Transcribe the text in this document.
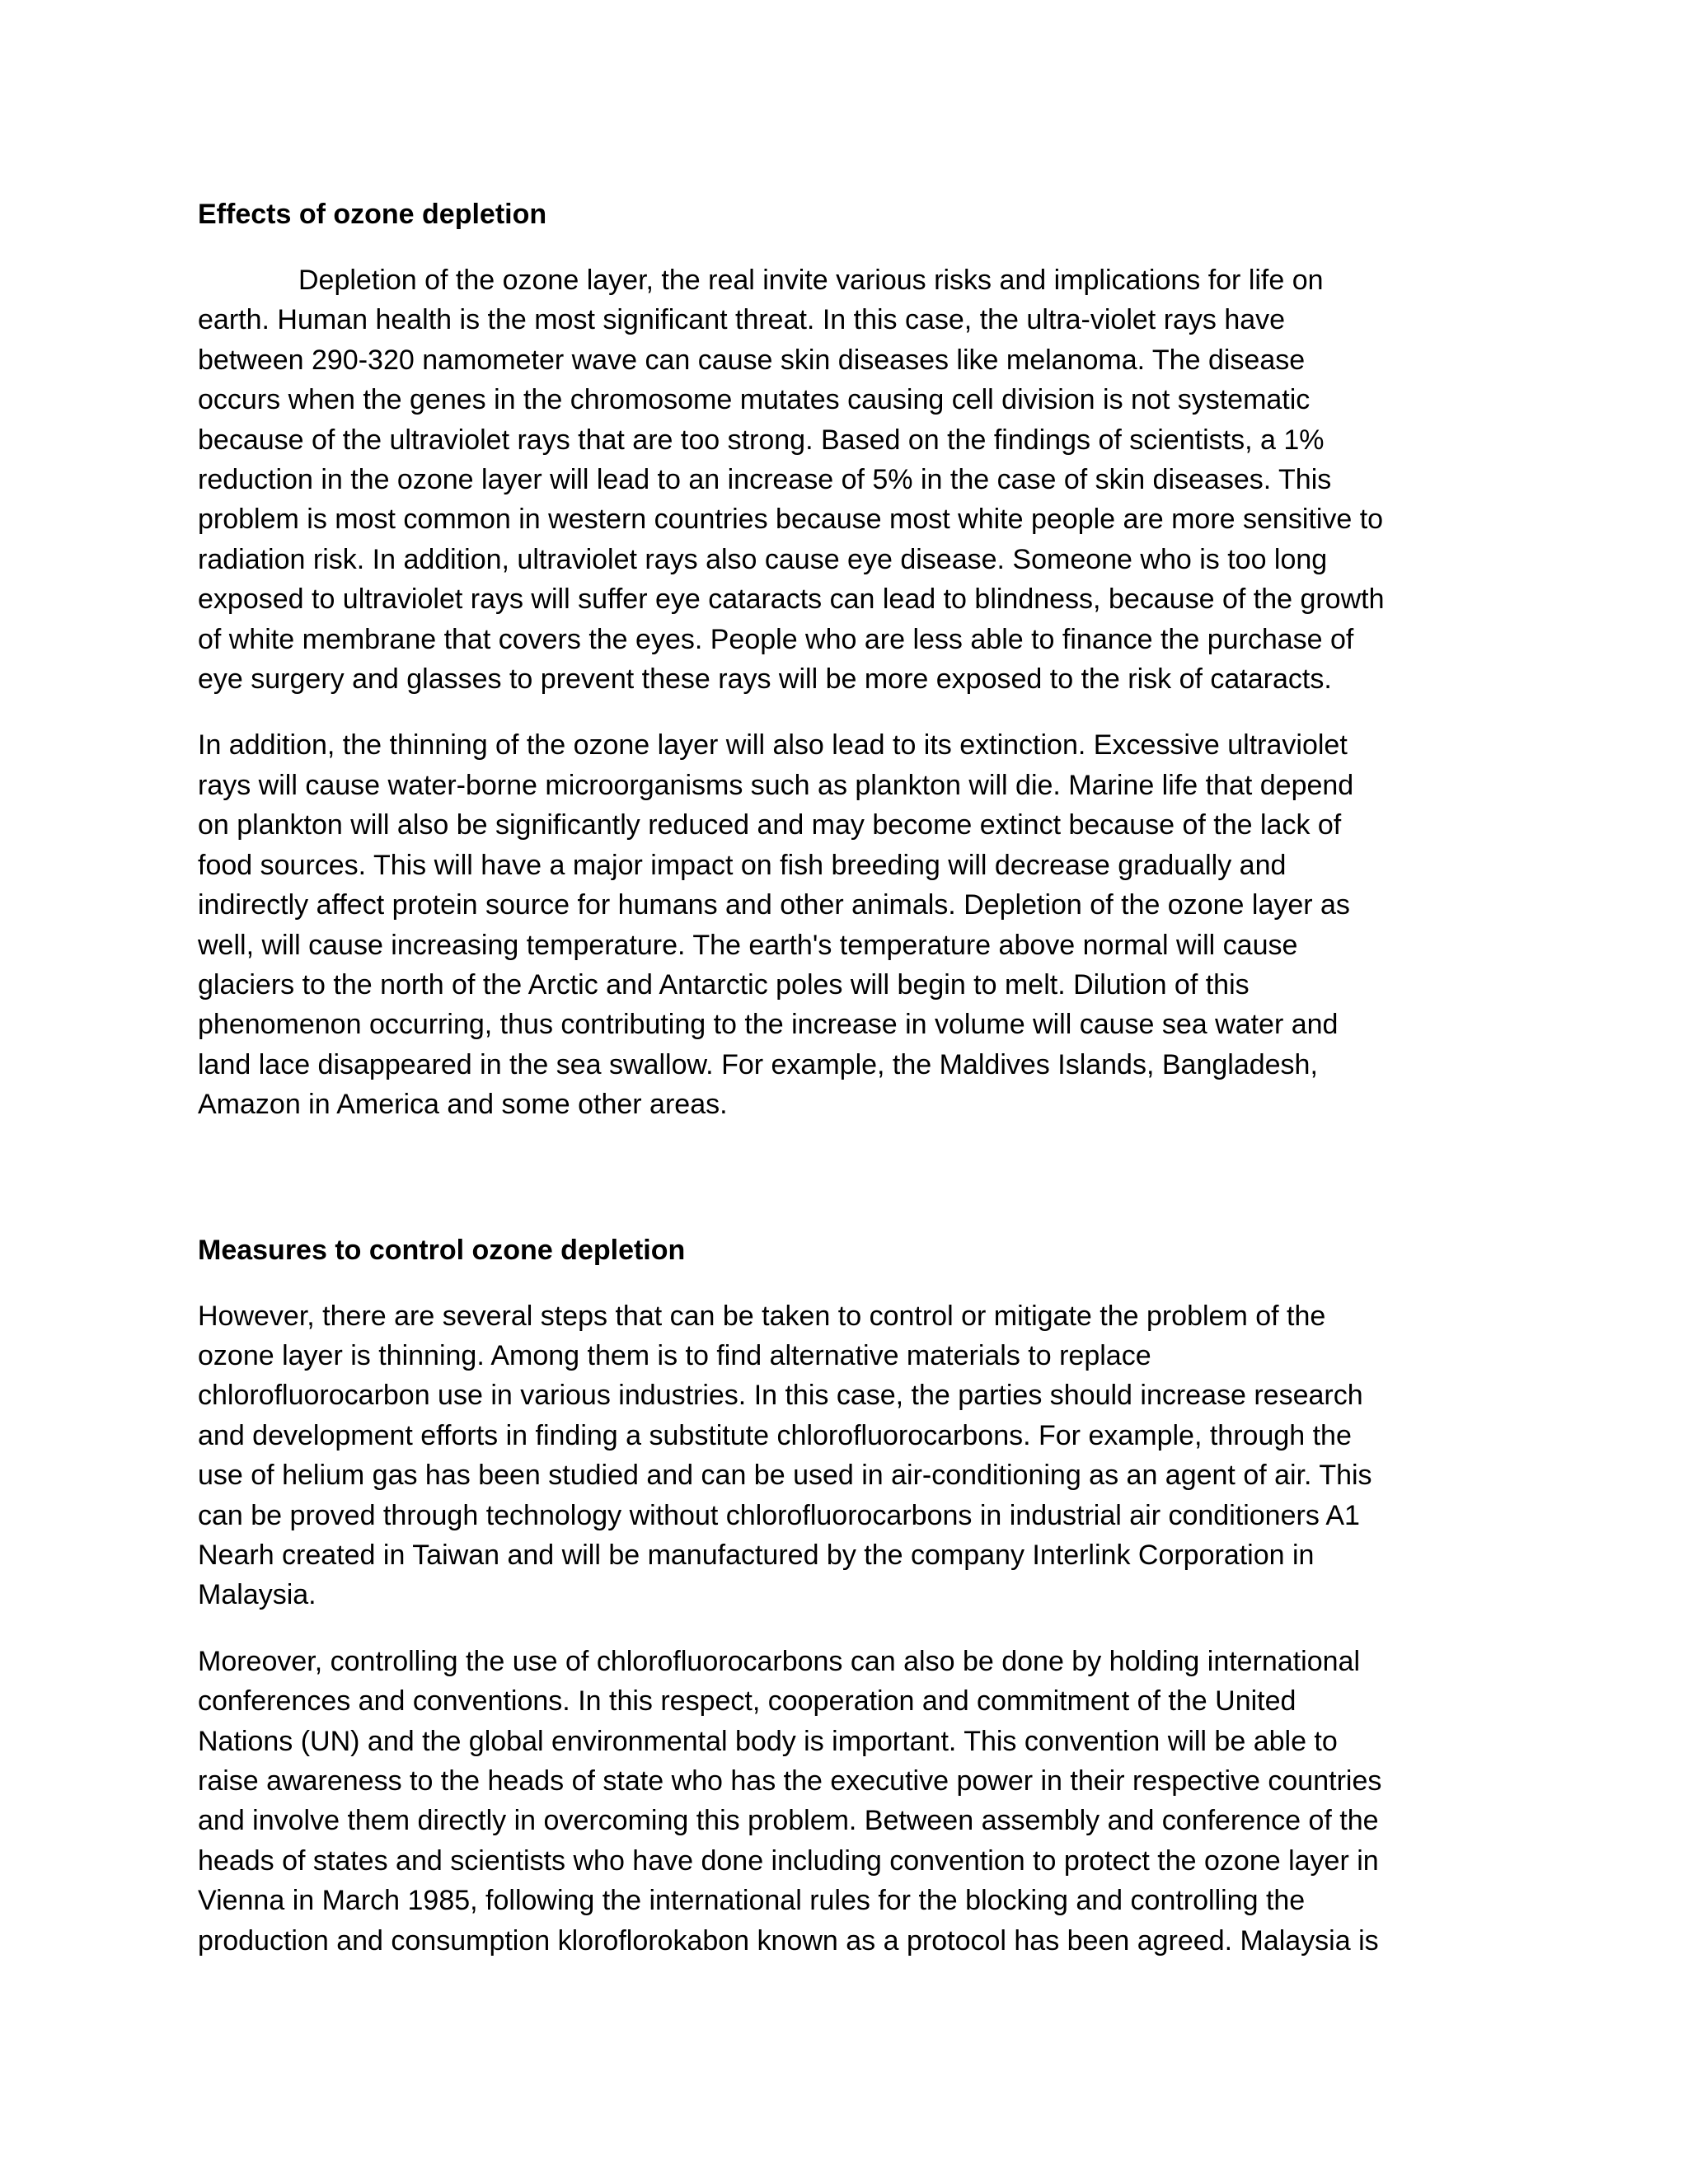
Effects of ozone depletion
Depletion of the ozone layer, the real invite various risks and implications for life on
earth. Human health is the most significant threat. In this case, the ultra-violet rays have
between 290-320 namometer wave can cause skin diseases like melanoma. The disease
occurs when the genes in the chromosome mutates causing cell division is not systematic
because of the ultraviolet rays that are too strong. Based on the findings of scientists, a 1%
reduction in the ozone layer will lead to an increase of 5% in the case of skin diseases. This
problem is most common in western countries because most white people are more sensitive to
radiation risk. In addition, ultraviolet rays also cause eye disease. Someone who is too long
exposed to ultraviolet rays will suffer eye cataracts can lead to blindness, because of the growth
of white membrane that covers the eyes. People who are less able to finance the purchase of
eye surgery and glasses to prevent these rays will be more exposed to the risk of cataracts.
In addition, the thinning of the ozone layer will also lead to its extinction. Excessive ultraviolet
rays will cause water-borne microorganisms such as plankton will die. Marine life that depend
on plankton will also be significantly reduced and may become extinct because of the lack of
food sources. This will have a major impact on fish breeding will decrease gradually and
indirectly affect protein source for humans and other animals. Depletion of the ozone layer as
well, will cause increasing temperature. The earth's temperature above normal will cause
glaciers to the north of the Arctic and Antarctic poles will begin to melt. Dilution of this
phenomenon occurring, thus contributing to the increase in volume will cause sea water and
land lace disappeared in the sea swallow. For example, the Maldives Islands, Bangladesh,
Amazon in America and some other areas.
Measures to control ozone depletion
However, there are several steps that can be taken to control or mitigate the problem of the
ozone layer is thinning. Among them is to find alternative materials to replace
chlorofluorocarbon use in various industries. In this case, the parties should increase research
and development efforts in finding a substitute chlorofluorocarbons. For example, through the
use of helium gas has been studied and can be used in air-conditioning as an agent of air. This
can be proved through technology without chlorofluorocarbons in industrial air conditioners A1
Nearh created in Taiwan and will be manufactured by the company Interlink Corporation in
Malaysia.
Moreover, controlling the use of chlorofluorocarbons can also be done by holding international
conferences and conventions. In this respect, cooperation and commitment of the United
Nations (UN) and the global environmental body is important. This convention will be able to
raise awareness to the heads of state who has the executive power in their respective countries
and involve them directly in overcoming this problem. Between assembly and conference of the
heads of states and scientists who have done including convention to protect the ozone layer in
Vienna in March 1985, following the international rules for the blocking and controlling the
production and consumption kloroflorokabon known as a protocol has been agreed. Malaysia is
